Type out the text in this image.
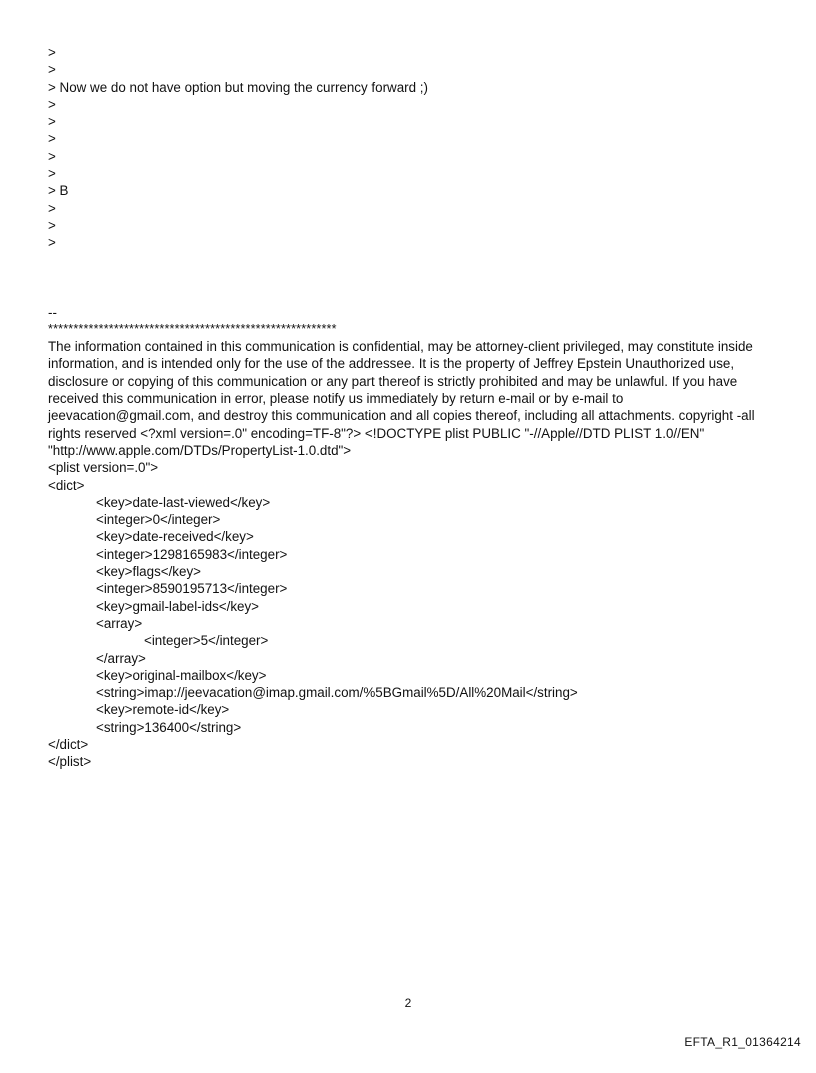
>
>
> Now we do not have option but moving the currency forward ;)
>
>
>
>
>
> B
>
>
>
--
*********************************************************
The information contained in this communication is confidential, may be attorney-client privileged, may constitute inside information, and is intended only for the use of the addressee. It is the property of Jeffrey Epstein Unauthorized use, disclosure or copying of this communication or any part thereof is strictly prohibited and may be unlawful. If you have received this communication in error, please notify us immediately by return e-mail or by e-mail to jeevacation@gmail.com, and destroy this communication and all copies thereof, including all attachments. copyright -all rights reserved <?xml version=.0" encoding=TF-8"?> <!DOCTYPE plist PUBLIC "-//Apple//DTD PLIST 1.0//EN" "http://www.apple.com/DTDs/PropertyList-1.0.dtd">
<plist version=.0">
<dict>
<key>date-last-viewed</key>
<integer>0</integer>
<key>date-received</key>
<integer>1298165983</integer>
<key>flags</key>
<integer>8590195713</integer>
<key>gmail-label-ids</key>
<array>
<integer>5</integer>
</array>
<key>original-mailbox</key>
<string>imap://jeevacation@imap.gmail.com/%5BGmail%5D/All%20Mail</string>
<key>remote-id</key>
<string>136400</string>
</dict>
</plist>
2
EFTA_R1_01364214
